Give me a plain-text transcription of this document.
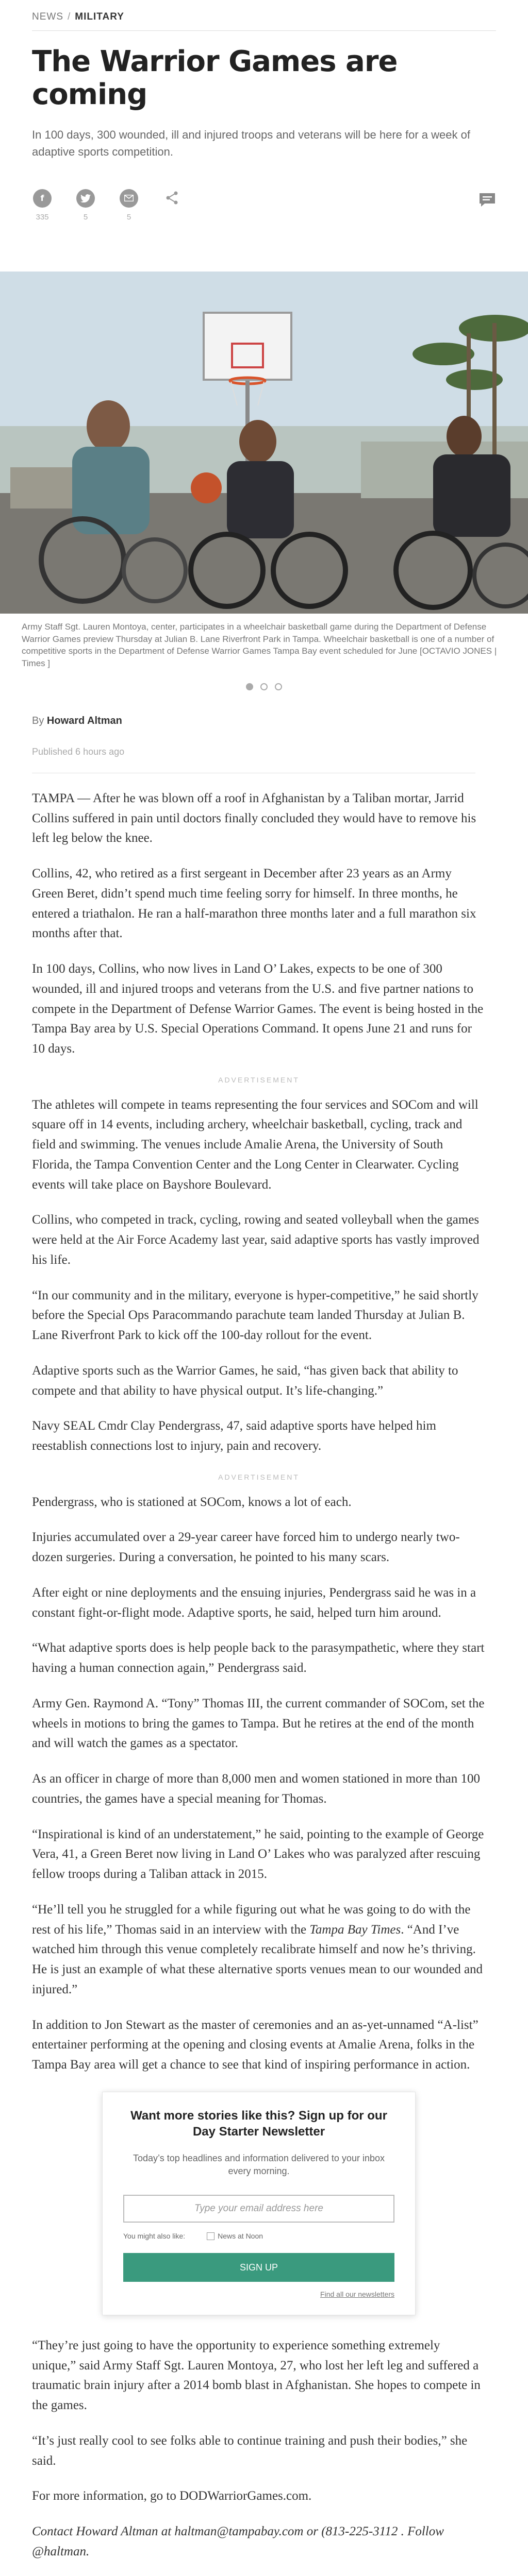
NEWS / MILITARY
The Warrior Games are coming

In 100 days, 300 wounded, ill and injured troops and veterans will be here for a week of adaptive sports competition.

f
335	5	5

Army Staff Sgt. Lauren Montoya, center, participates in a wheelchair basketball game during the Department of Defense Warrior Games preview Thursday at Julian B. Lane Riverfront Park in Tampa. Wheelchair basketball is one of a number of competitive sports in the Department of Defense Warrior Games Tampa Bay event scheduled for June [OCTAVIO JONES | Times ]

By Howard Altman
Published 6 hours ago

TAMPA — After he was blown off a roof in Afghanistan by a Taliban mortar, Jarrid Collins suffered in pain until doctors finally concluded they would have to remove his left leg below the knee.

Collins, 42, who retired as a first sergeant in December after 23 years as an Army Green Beret, didn’t spend much time feeling sorry for himself. In three months, he entered a triathalon. He ran a half-marathon three months later and a full marathon six months after that.

In 100 days, Collins, who now lives in Land O’ Lakes, expects to be one of 300 wounded, ill and injured troops and veterans from the U.S. and five partner nations to compete in the Department of Defense Warrior Games. The event is being hosted in the Tampa Bay area by U.S. Special Operations Command. It opens June 21 and runs for 10 days.

ADVERTISEMENT

The athletes will compete in teams representing the four services and SOCom and will square off in 14 events, including archery, wheelchair basketball, cycling, track and field and swimming. The venues include Amalie Arena, the University of South Florida, the Tampa Convention Center and the Long Center in Clearwater. Cycling events will take place on Bayshore Boulevard.

Collins, who competed in track, cycling, rowing and seated volleyball when the games were held at the Air Force Academy last year, said adaptive sports has vastly improved his life.

“In our community and in the military, everyone is hyper-competitive,” he said shortly before the Special Ops Paracommando parachute team landed Thursday at Julian B. Lane Riverfront Park to kick off the 100-day rollout for the event.

Adaptive sports such as the Warrior Games, he said, “has given back that ability to compete and that ability to have physical output. It’s life-changing.”

Navy SEAL Cmdr Clay Pendergrass, 47, said adaptive sports have helped him reestablish connections lost to injury, pain and recovery.

ADVERTISEMENT

Pendergrass, who is stationed at SOCom, knows a lot of each.

Injuries accumulated over a 29-year career have forced him to undergo nearly two-dozen surgeries. During a conversation, he pointed to his many scars.

After eight or nine deployments and the ensuing injuries, Pendergrass said he was in a constant fight-or-flight mode. Adaptive sports, he said, helped turn him around.

“What adaptive sports does is help people back to the parasympathetic, where they start having a human connection again,” Pendergrass said.

Army Gen. Raymond A. “Tony” Thomas III, the current commander of SOCom, set the wheels in motions to bring the games to Tampa. But he retires at the end of the month and will watch the games as a spectator.

As an officer in charge of more than 8,000 men and women stationed in more than 100 countries, the games have a special meaning for Thomas.

“Inspirational is kind of an understatement,” he said, pointing to the example of George Vera, 41, a Green Beret now living in Land O’ Lakes who was paralyzed after rescuing fellow troops during a Taliban attack in 2015.

“He’ll tell you he struggled for a while figuring out what he was going to do with the rest of his life,” Thomas said in an interview with the Tampa Bay Times. “And I’ve watched him through this venue completely recalibrate himself and now he’s thriving. He is just an example of what these alternative sports venues mean to our wounded and injured.”

In addition to Jon Stewart as the master of ceremonies and an as-yet-unnamed “A-list” entertainer performing at the opening and closing events at Amalie Arena, folks in the Tampa Bay area will get a chance to see that kind of inspiring performance in action.

Want more stories like this? Sign up for our Day Starter Newsletter

Today’s top headlines and information delivered to your inbox every morning.

Type your email address here
You might also like:	News at Noon
SIGN UP
Find all our newsletters

“They’re just going to have the opportunity to experience something extremely unique,” said Army Staff Sgt. Lauren Montoya, 27, who lost her left leg and suffered a traumatic brain injury after a 2014 bomb blast in Afghanistan. She hopes to compete in the games.

“It’s just really cool to see folks able to continue training and push their bodies,” she said.

For more information, go to DODWarriorGames.com.

Contact Howard Altman at haltman@tampabay.com or (813-225-3112 . Follow @haltman.
